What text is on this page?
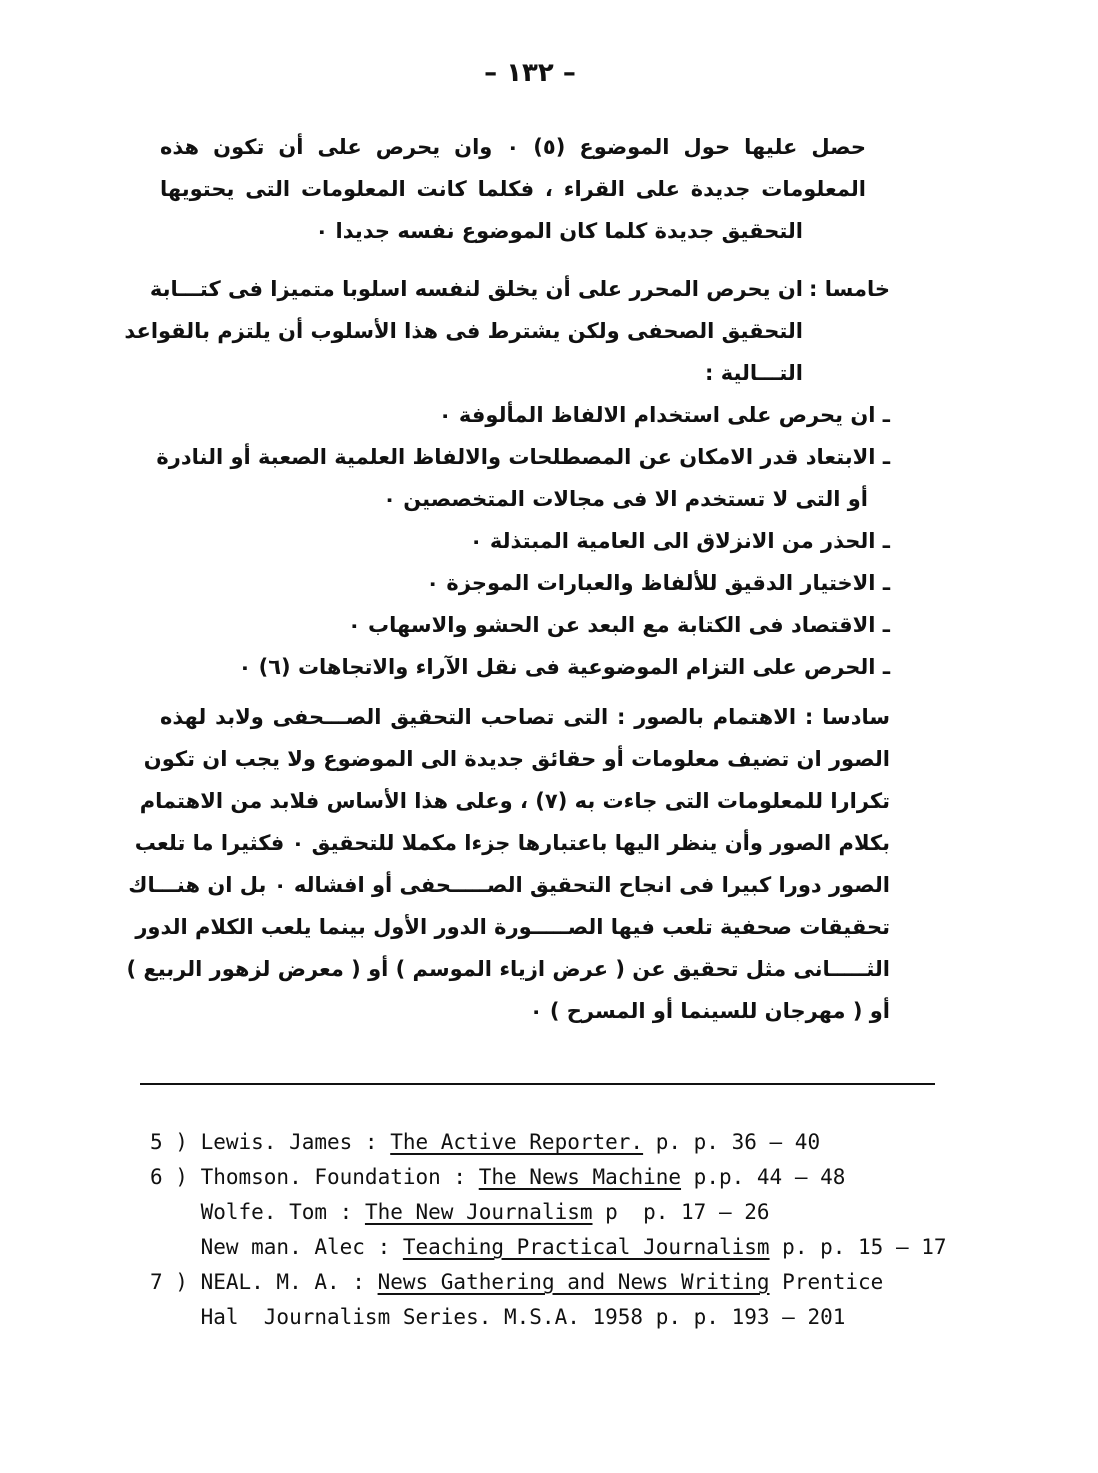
– ١٣٢ –
حصل عليها حول الموضوع (٥) ٠ وان يحرص على أن تكون هذه
المعلومات جديدة على القراء ، فكلما كانت المعلومات التى يحتويها
التحقيق جديدة كلما كان الموضوع نفسه جديدا ٠
خامسا :
ان يحرص المحرر على أن يخلق لنفسه اسلوبا متميزا فى كتـــابة
التحقيق الصحفى ولكن يشترط فى هذا الأسلوب أن يلتزم بالقواعد
التـــالية :
ـ ان يحرص على استخدام الالفاظ المألوفة ٠
ـ الابتعاد قدر الامكان عن المصطلحات والالفاظ العلمية الصعبة أو النادرة
أو التى لا تستخدم الا فى مجالات المتخصصين ٠
ـ الحذر من الانزلاق الى العامية المبتذلة ٠
ـ الاختيار الدقيق للألفاظ والعبارات الموجزة ٠
ـ الاقتصاد فى الكتابة مع البعد عن الحشو والاسهاب ٠
ـ الحرص على التزام الموضوعية فى نقل الآراء والاتجاهات (٦) ٠
سادسا : الاهتمام بالصور : التى تصاحب التحقيق الصـــحفى ولابد لهذه
الصور ان تضيف معلومات أو حقائق جديدة الى الموضوع ولا يجب ان تكون
تكرارا للمعلومات التى جاءت به (٧) ، وعلى هذا الأساس فلابد من الاهتمام
بكلام الصور وأن ينظر اليها باعتبارها جزءا مكملا للتحقيق ٠ فكثيرا ما تلعب
الصور دورا كبيرا فى انجاح التحقيق الصـــــحفى أو افشاله ٠ بل ان هنـــاك
تحقيقات صحفية تلعب فيها الصـــــورة الدور الأول بينما يلعب الكلام الدور
الثـــــانى مثل تحقيق عن ( عرض ازياء الموسم ) أو ( معرض لزهور الربيع )
أو ( مهرجان للسينما أو المسرح ) ٠
5 ) Lewis. James : The Active Reporter. p. p. 36 – 40
6 ) Thomson. Foundation : The News Machine p.p. 44 – 48
Wolfe. Tom : The New Journalism p  p. 17 – 26
New man. Alec : Teaching Practical Journalism p. p. 15 – 17
7 ) NEAL. M. A. : News Gathering and News Writing Prentice
Hal  Journalism Series. M.S.A. 1958 p. p. 193 – 201
